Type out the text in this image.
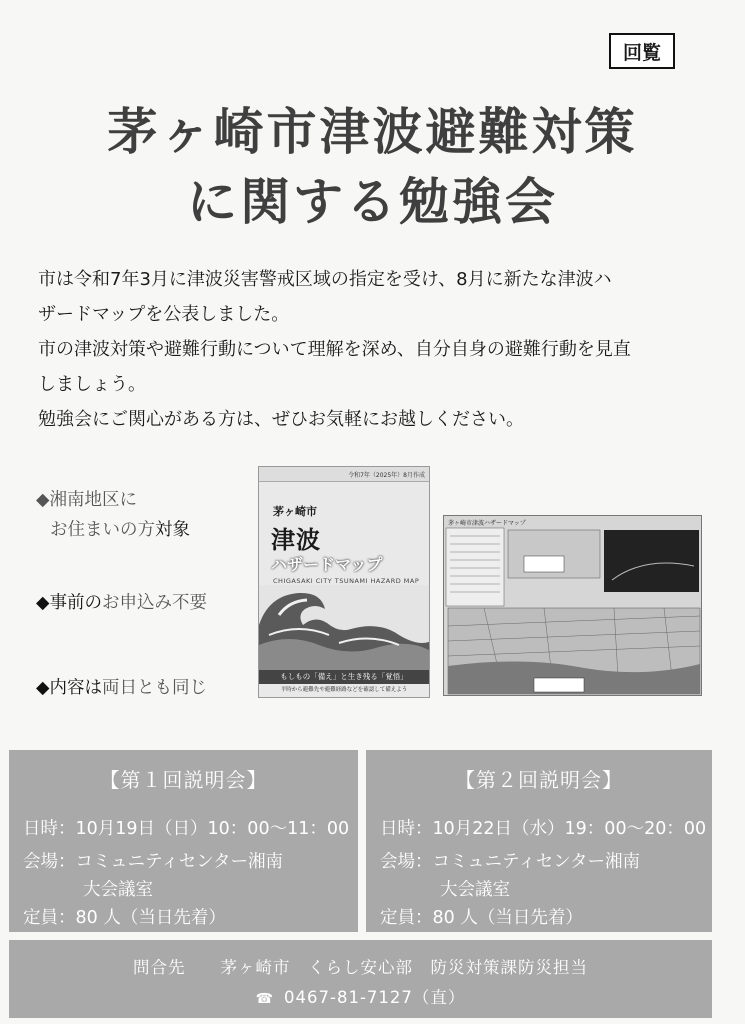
回覧
茅ヶ崎市津波避難対策
に関する勉強会

市は令和7年3月に津波災害警戒区域の指定を受け、8月に新たな津波ハ

ザードマップを公表しました。

市の津波対策や避難行動について理解を深め、自分自身の避難行動を見直

しましょう。

勉強会にご関心がある方は、ぜひお気軽にお越しください。

◆湘南地区に
お住まいの方対象
◆事前のお申込み不要
◆内容は両日とも同じ
令和7年（2025年）8月作成
茅ヶ崎市
津波
ハザードマップ
CHIGASAKI CITY TSUNAMI HAZARD MAP
もしもの「備え」と生き残る「覚悟」
平時から避難先や避難経路などを確認して備えよう
茅ヶ崎市津波ハザードマップ
【第１回説明会】
日時：10月19日（日）10：00～11：00
会場：コミュニティセンター湘南
大会議室
定員：80 人（当日先着）
【第２回説明会】
日時：10月22日（水）19：00～20：00
会場：コミュニティセンター湘南
大会議室
定員：80 人（当日先着）
問合先　　茅ヶ崎市　くらし安心部　防災対策課防災担当
☎ 0467-81-7127（直）
